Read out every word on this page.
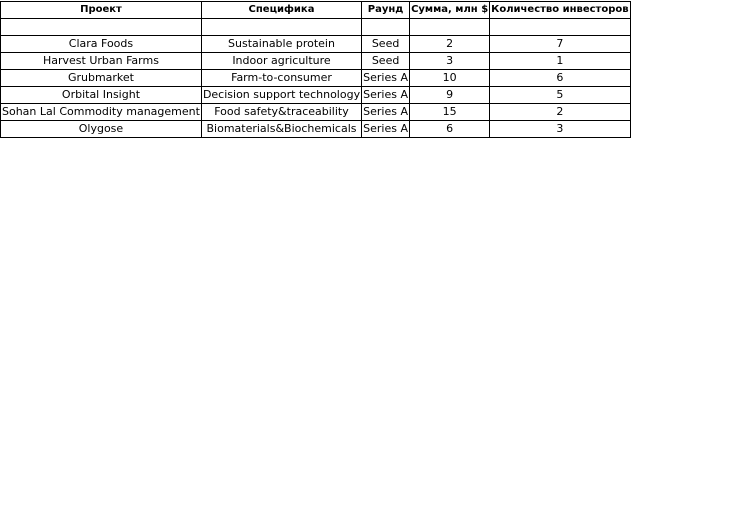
Проект	Специфика	Раунд	Сумма, млн $	Количество инвесторов

Clara Foods	Sustainable protein	Seed	2	7
Harvest Urban Farms	Indoor agriculture	Seed	3	1
Grubmarket	Farm-to-consumer	Series A	10	6
Orbital Insight	Decision support technology	Series A	9	5
Sohan Lal Commodity management	Food safety&traceability	Series A	15	2
Olygose	Biomaterials&Biochemicals	Series A	6	3
